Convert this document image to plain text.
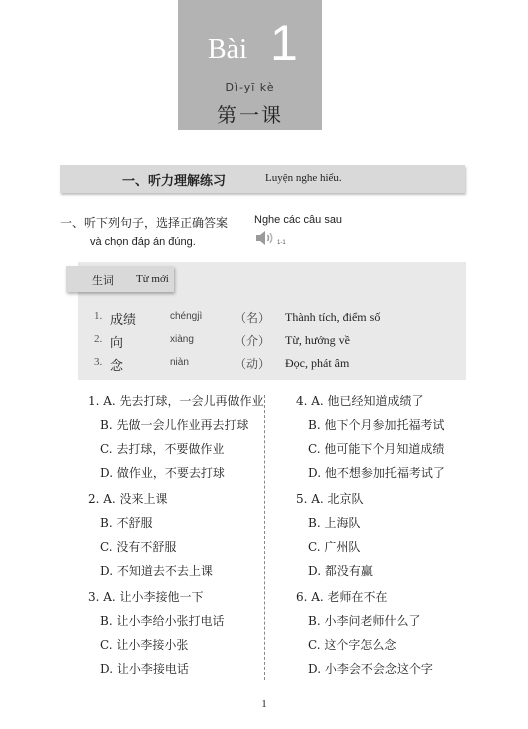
Bài 1
Dì-yī kè
第一课
一、听力理解练习	Luyện nghe hiểu.
一、听下列句子，选择正确答案 Nghe các câu sau
và chọn đáp án đúng.	1-1
1. 成绩	chéngjì	（名） Thành tích, điểm số
2. 向	xiàng	（介） Từ, hướng về
3. 念	niàn	（动） Đọc, phát âm
生词 Từ mới
1. A. 先去打球，一会儿再做作业
B. 先做一会儿作业再去打球
C. 去打球，不要做作业
D. 做作业，不要去打球
2. A. 没来上课
B. 不舒服
C. 没有不舒服
D. 不知道去不去上课
3. A. 让小李接他一下
B. 让小李给小张打电话
C. 让小李接小张
D. 让小李接电话
4. A. 他已经知道成绩了
B. 他下个月参加托福考试
C. 他可能下个月知道成绩
D. 他不想参加托福考试了
5. A. 北京队
B. 上海队
C. 广州队
D. 都没有赢
6. A. 老师在不在
B. 小李问老师什么了
C. 这个字怎么念
D. 小李会不会念这个字
1
